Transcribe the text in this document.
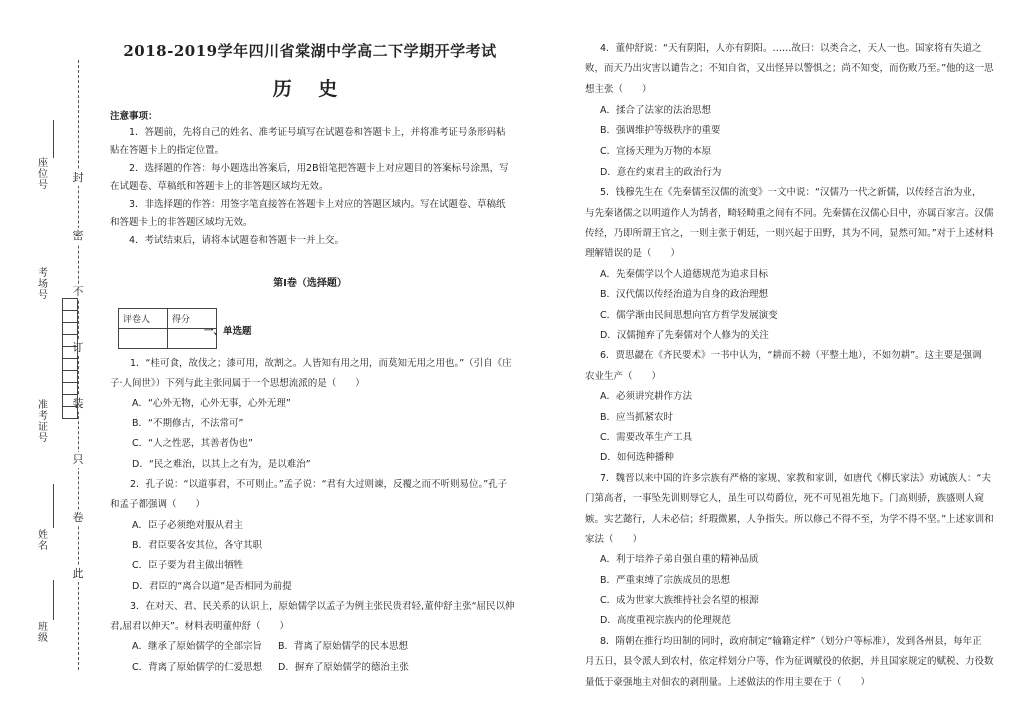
封
密
不
订
装
只
卷
此
座位号
考场号
准考证号
姓名
班级
2018-2019学年四川省棠湖中学高二下学期开学考试
历 史
注意事项：
1．答题前，先将自己的姓名、准考证号填写在试题卷和答题卡上，并将准考证号条形码粘贴在答题卡上的指定位置。
2．选择题的作答：每小题选出答案后，用2B铅笔把答题卡上对应题目的答案标号涂黑，写在试题卷、草稿纸和答题卡上的非答题区域均无效。
3．非选择题的作答：用签字笔直接答在答题卡上对应的答题区域内。写在试题卷、草稿纸和答题卡上的非答题区域均无效。
4．考试结束后，请将本试题卷和答题卡一并上交。
第Ⅰ卷（选择题）
评卷人	得分

一、单选题
1．“桂可食，故伐之；漆可用，故割之。人皆知有用之用，而莫知无用之用也。”（引自《庄
子·人间世》）下列与此主张同属于一个思想流派的是（　　）
A．“心外无物，心外无事，心外无理”
B．“不期修古，不法常可”
C．“人之性恶，其善者伪也”
D．“民之难治，以其上之有为，是以难治”
2．孔子说：“以道事君，不可则止。”孟子说：“君有大过则谏，反覆之而不听则易位。”孔子
和孟子都强调（　　）
A．臣子必须绝对服从君主
B．君臣要各安其位，各守其职
C．臣子要为君主做出牺牲
D．君臣的“离合以道”是否相同为前提
3．在对天、君、民关系的认识上，原始儒学以孟子为例主张民贵君轻,董仲舒主张“屈民以伸
君,屈君以伸天”。材料表明董仲舒（　　）
A．继承了原始儒学的全部宗旨 B．背离了原始儒学的民本思想
C．背离了原始儒学的仁爱思想 D．摒弃了原始儒学的德治主张
4．董仲舒说：“天有阴阳，人亦有阴阳。……故曰：以类合之，天人一也。国家将有失道之
败，而天乃出灾害以谴告之；不知自省，又出怪异以警惧之；尚不知变，而伤败乃至。”他的这一思
想主张（　　）
A．揉合了法家的法治思想
B．强调维护等级秩序的重要
C．宣扬天理为万物的本原
D．意在约束君主的政治行为
5．钱穆先生在《先秦儒至汉儒的流变》一文中说：“汉儒乃一代之新儒，以传经言治为业，
与先秦诸儒之以明道作人为鹄者，畸轻畸重之间有不同。先秦儒在汉儒心目中，亦属百家言。汉儒
传经，乃即所谓王官之，一则主张于朝廷，一则兴起于田野，其为不同，显然可知。”对于上述材料
理解错误的是（　　）
A．先秦儒学以个人道德规范为追求目标
B．汉代儒以传经治道为自身的政治理想
C．儒学渐由民间思想向官方哲学发展演变
D．汉儒抛弃了先秦儒对个人修为的关注
6．贾思勰在《齐民要术》一书中认为，“耕而不耪（平整土地），不如勿耕”。这主要是强调
农业生产（　　）
A．必须讲究耕作方法
B．应当抓紧农时
C．需要改革生产工具
D．如何选种播种
7．魏晋以来中国的许多宗族有严格的家规、家教和家训，如唐代《柳氏家法》劝诫族人：“夫
门第高者，一事坠先训则辱它人，虽生可以苟爵位，死不可见祖先地下。门高则骄，族盛则人窥
嫉。实艺懿行，人未必信；纤瑕微累，人争指失。所以修己不得不至，为学不得不坚。”上述家训和
家法（　　）
A．利于培养子弟自强自重的精神品质
B．严重束缚了宗族成员的思想
C．成为世家大族维持社会名望的根源
D．高度重视宗族内的伦理规范
8．隋朝在推行均田制的同时，政府制定“输籍定样”（划分户等标准），发到各州县，每年正
月五日，县令派人到农村，依定样划分户等，作为征调赋役的依据，并且国家规定的赋税、力役数
量低于豪强地主对佃农的剥削量。上述做法的作用主要在于（　　）
